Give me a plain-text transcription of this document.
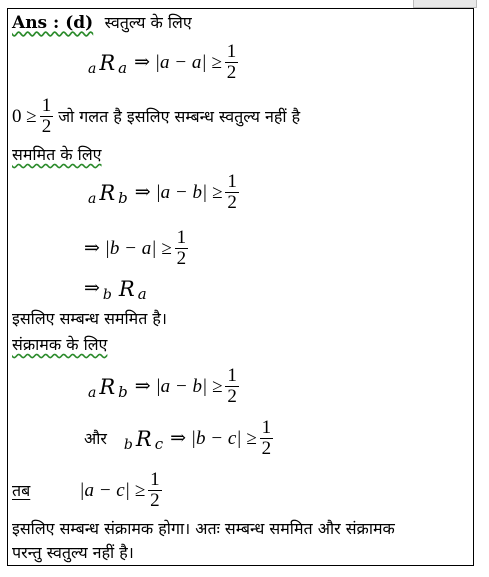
Ans : (d) स्वतुल्य के लिए
a R a ⇒ $|a - a| \ge \frac{1}{2}$
$0 \ge \frac{1}{2}$ जो गलत है इसलिए सम्बन्ध स्वतुल्य नहीं है
सममित के लिए
a R b ⇒ $|a - b| \ge \frac{1}{2}$
⇒ $|b - a| \ge \frac{1}{2}$
⇒ b R a
इसलिए सम्बन्ध सममित है।
संक्रामक के लिए
a R b ⇒ $|a - b| \ge \frac{1}{2}$
और b R c ⇒ $|b - c| \ge \frac{1}{2}$
तब	$|a - c| \ge \frac{1}{2}$
इसलिए सम्बन्ध संक्रामक होगा। अतः सम्बन्ध सममित और संक्रामक
परन्तु स्वतुल्य नहीं है।
